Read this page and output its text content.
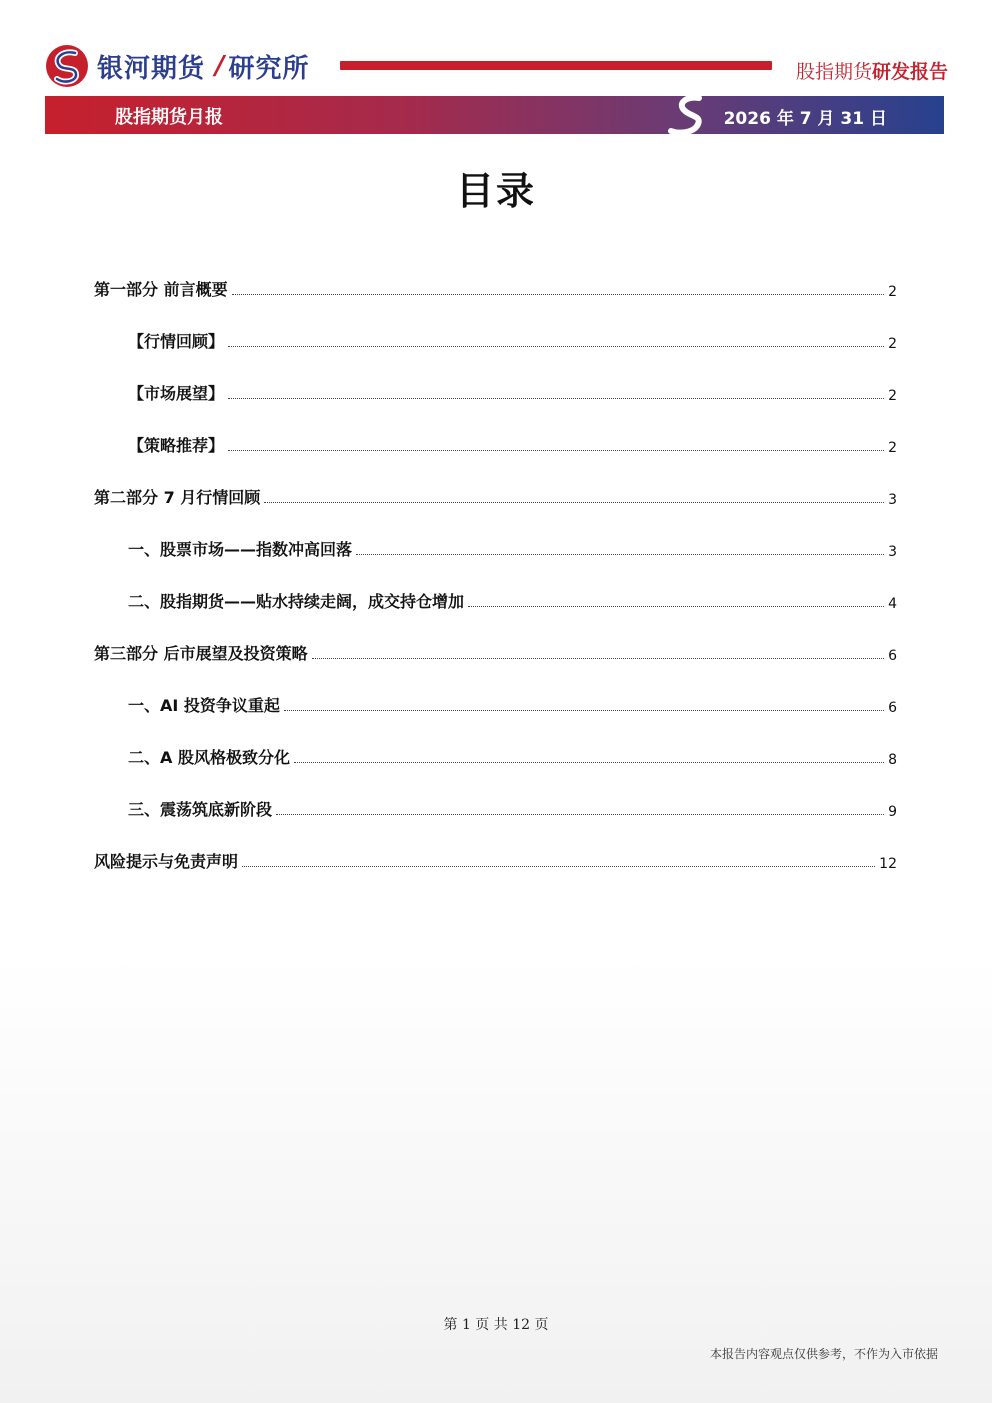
银河期货 / 研究所	股指期货研发报告
股指期货月报	2026 年 7 月 31 日
目录
第一部分 前言概要	2
【行情回顾】	2
【市场展望】	2
【策略推荐】	2
第二部分 7 月行情回顾	3
一、股票市场——指数冲高回落	3
二、股指期货——贴水持续走阔，成交持仓增加	4
第三部分 后市展望及投资策略	6
一、AI 投资争议重起	6
二、A 股风格极致分化	8
三、震荡筑底新阶段	9
风险提示与免责声明	12
第 1 页 共 12 页
本报告内容观点仅供参考，不作为入市依据
